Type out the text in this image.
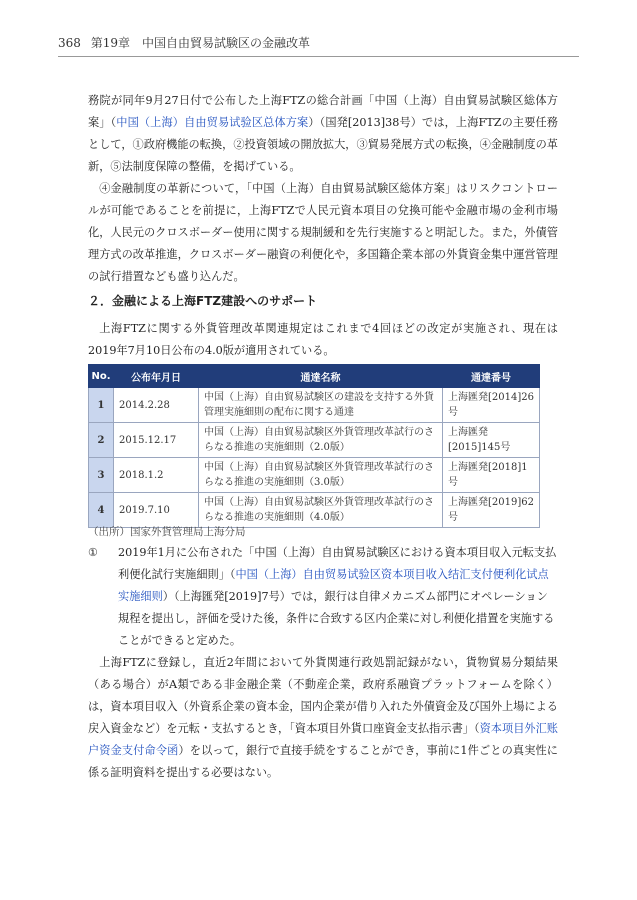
368 第19章　中国自由貿易試験区の金融改革

務院が同年9月27日付で公布した上海FTZの総合計画「中国（上海）自由貿易試験区総体方案」（中国（上海）自由贸易试验区总体方案）（国発[2013]38号）では，上海FTZの主要任務として，①政府機能の転換，②投資領域の開放拡大，③貿易発展方式の転換，④金融制度の革新，⑤法制度保障の整備，を掲げている。

④金融制度の革新について，「中国（上海）自由貿易試験区総体方案」はリスクコントロールが可能であることを前提に，上海FTZで人民元資本項目の兌換可能や金融市場の金利市場化，人民元のクロスボーダー使用に関する規制緩和を先行実施すると明記した。また，外債管理方式の改革推進，クロスボーダー融資の利便化や，多国籍企業本部の外貨資金集中運営管理の試行措置なども盛り込んだ。

２．金融による上海FTZ建設へのサポート

上海FTZに関する外貨管理改革関連規定はこれまで4回ほどの改定が実施され、現在は2019年7月10日公布の4.0版が適用されている。

No.	公布年月日	通達名称	通達番号
1	2014.2.28	中国（上海）自由貿易試験区の建設を支持する外貨管理実施細則の配布に関する通達	上海匯発[2014]26号
2	2015.12.17	中国（上海）自由貿易試験区外貨管理改革試行のさらなる推進の実施細則（2.0版）	上海匯発[2015]145号
3	2018.1.2	中国（上海）自由貿易試験区外貨管理改革試行のさらなる推進の実施細則（3.0版）	上海匯発[2018]1号
4	2019.7.10	中国（上海）自由貿易試験区外貨管理改革試行のさらなる推進の実施細則（4.0版）	上海匯発[2019]62号
（出所）国家外貨管理局上海分局
① 2019年1月に公布された「中国（上海）自由貿易試験区における資本項目収入元転支払利便化試行実施細則」（中国（上海）自由贸易试验区资本项目收入结汇支付便利化试点实施细则）（上海匯発[2019]7号）では，銀行は自律メカニズム部門にオペレーション規程を提出し，評価を受けた後，条件に合致する区内企業に対し利便化措置を実施することができると定めた。

上海FTZに登録し，直近2年間において外貨関連行政処罰記録がない，貨物貿易分類結果（ある場合）がA類である非金融企業（不動産企業，政府系融資プラットフォームを除く）は，資本項目収入（外資系企業の資本金，国内企業が借り入れた外債資金及び国外上場による戻入資金など）を元転・支払するとき，「資本項目外貨口座資金支払指示書」（资本项目外汇账户资金支付命令函）を以って，銀行で直接手続をすることができ，事前に1件ごとの真実性に係る証明資料を提出する必要はない。
